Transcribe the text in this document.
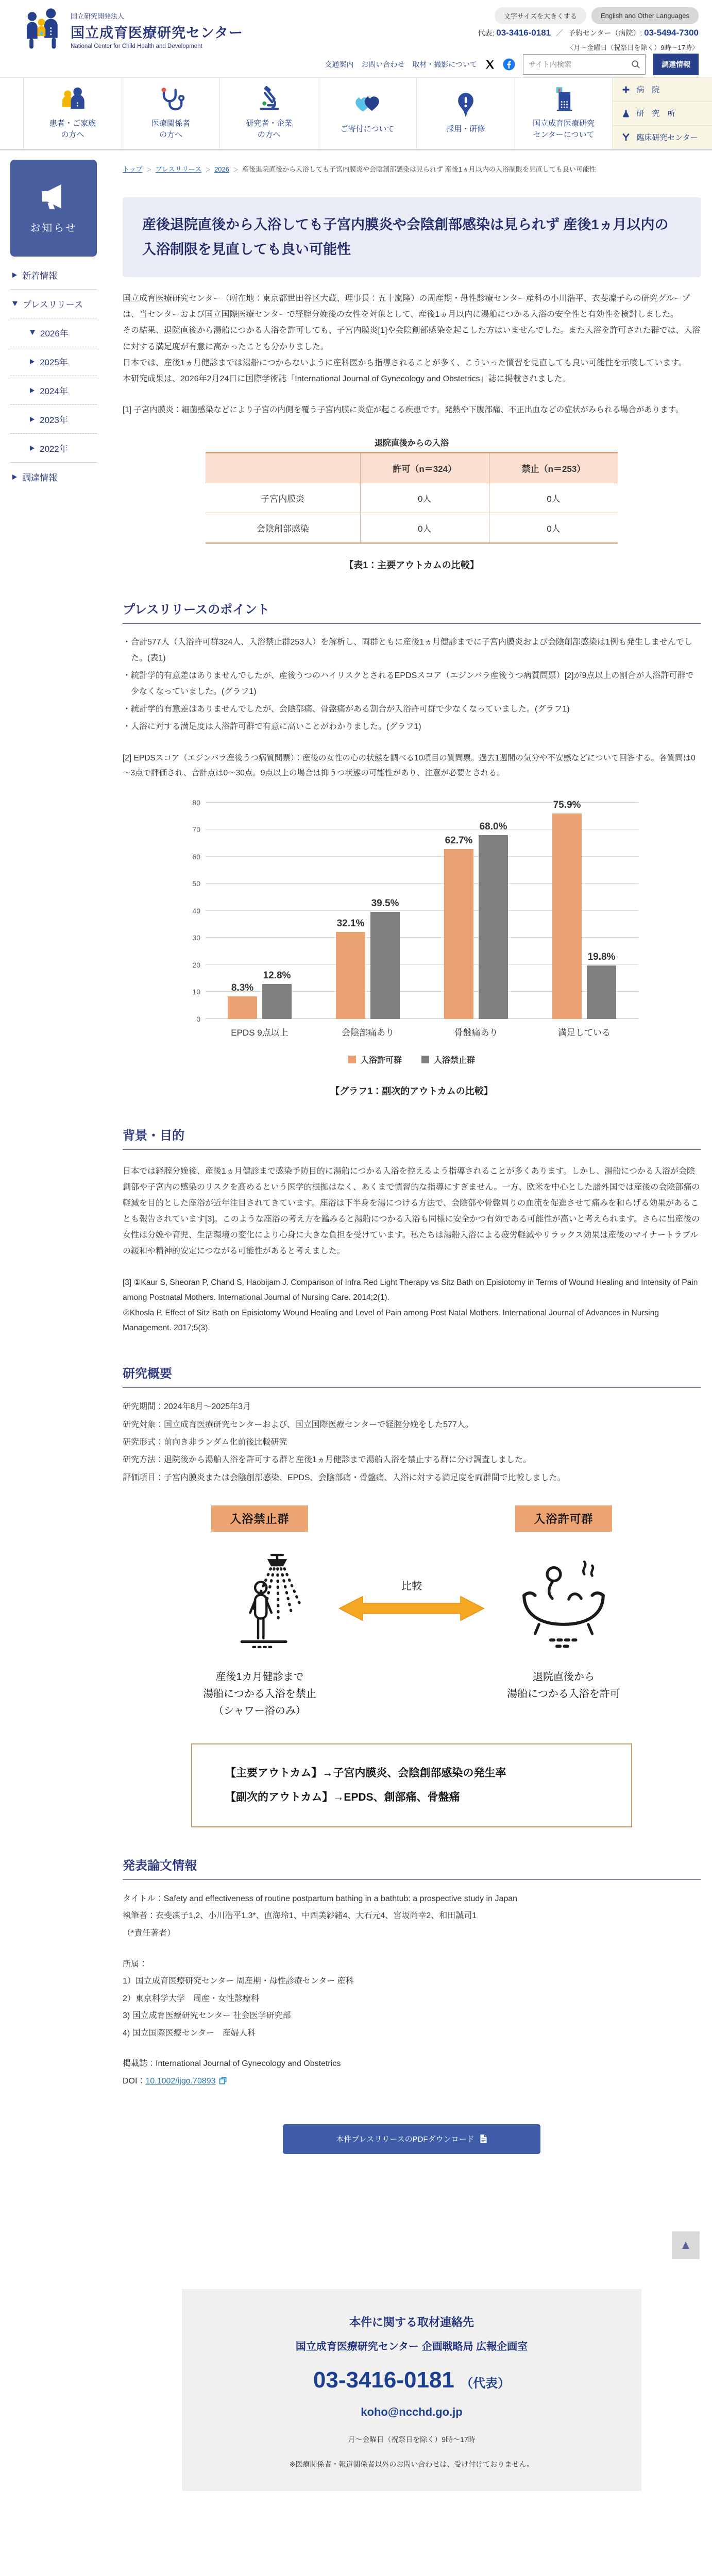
国立研究開発法人
国立成育医療研究センター
National Center for Child Health and Development
文字サイズを大きくする	English and Other Languages
代表: 03-3416-0181 ／ 予約センター（病院）: 03-5494-7300
〈月～金曜日（祝祭日を除く）9時～17時〉
交通案内 お問い合わせ 取材・撮影について
サイト内検索	調達情報
患者・ご家族
の方へ
医療関係者
の方へ
研究者・企業
の方へ
ご寄付について	採用・研修
国立成育医療研究
センターについて
病　院
研　究　所
臨床研究センター
お知らせ
新着情報
プレスリリース
2026年
2025年
2024年
2023年
2022年
調達情報
トップ ＞ プレスリリース ＞ 2026 ＞ 産後退院直後から入浴しても子宮内膜炎や会陰創部感染は見られず 産後1ヵ月以内の入浴制限を見直しても良い可能性
産後退院直後から入浴しても子宮内膜炎や会陰創部感染は見られず 産後1ヵ月以内の入浴制限を見直しても良い可能性

国立成育医療研究センター（所在地：東京都世田谷区大蔵、理事長：五十嵐隆）の周産期・母性診療センター産科の小川浩平、衣斐凜子らの研究グループは、当センターおよび国立国際医療センターで経腟分娩後の女性を対象として、産後1ヵ月以内に湯船につかる入浴の安全性と有効性を検討しました。

その結果、退院直後から湯船につかる入浴を許可しても、子宮内膜炎[1]や会陰創部感染を起こした方はいませんでした。また入浴を許可された群では、入浴に対する満足度が有意に高かったことも分かりました。

日本では、産後1ヵ月健診までは湯船につからないように産科医から指導されることが多く、こういった慣習を見直しても良い可能性を示唆しています。

本研究成果は、2026年2月24日に国際学術誌「International Journal of Gynecology and Obstetrics」誌に掲載されました。

[1] 子宮内膜炎：細菌感染などにより子宮の内側を覆う子宮内膜に炎症が起こる疾患です。発熱や下腹部痛、不正出血などの症状がみられる場合があります。
退院直後からの入浴
	許可（n＝324）	禁止（n＝253）
子宮内膜炎	0人	0人
会陰創部感染	0人	0人
【表1：主要アウトカムの比較】
プレスリリースのポイント
・合計577人（入浴許可群324人、入浴禁止群253人）を解析し、両群ともに産後1ヵ月健診までに子宮内膜炎および会陰創部感染は1例も発生しませんでした。(表1)
・統計学的有意差はありませんでしたが、産後うつのハイリスクとされるEPDSスコア（エジンバラ産後うつ病質問票）[2]が9点以上の割合が入浴許可群で少なくなっていました。(グラフ1)
・統計学的有意差はありませんでしたが、会陰部痛、骨盤痛がある割合が入浴許可群で少なくなっていました。(グラフ1)
・入浴に対する満足度は入浴許可群で有意に高いことがわかりました。(グラフ1)
[2] EPDSスコア（エジンバラ産後うつ病質問票）：産後の女性の心の状態を調べる10項目の質問票。過去1週間の気分や不安感などについて回答する。各質問は0～3点で評価され、合計点は0～30点。9点以上の場合は抑うつ状態の可能性があり、注意が必要とされる。
0
10
20
30
40
50
60
70
80
8.3%
12.8%
32.1%
39.5%
62.7%
68.0%
75.9%
19.8%
EPDS 9点以上	会陰部痛あり	骨盤痛あり	満足している
入浴許可群	入浴禁止群
【グラフ1：副次的アウトカムの比較】
背景・目的
日本では経腟分娩後、産後1ヵ月健診まで感染予防目的に湯船につかる入浴を控えるよう指導されることが多くあります。しかし、湯船につかる入浴が会陰創部や子宮内の感染のリスクを高めるという医学的根拠はなく、あくまで慣習的な指導にすぎません。一方、欧米を中心とした諸外国では産後の会陰部痛の軽減を目的とした座浴が近年注目されてきています。座浴は下半身を湯につける方法で、会陰部や骨盤周りの血流を促進させて痛みを和らげる効果があることも報告されています[3]。このような座浴の考え方を鑑みると湯船につかる入浴も同様に安全かつ有効である可能性が高いと考えられます。さらに出産後の女性は分娩や育児、生活環境の変化により心身に大きな負担を受けています。私たちは湯船入浴による疲労軽減やリラックス効果は産後のマイナートラブルの緩和や精神的安定につながる可能性があると考えました。
[3] ①Kaur S, Sheoran P, Chand S, Haobijam J. Comparison of Infra Red Light Therapy vs Sitz Bath on Episiotomy in Terms of Wound Healing and Intensity of Pain among Postnatal Mothers. International Journal of Nursing Care. 2014;2(1).
②Khosla P. Effect of Sitz Bath on Episiotomy Wound Healing and Level of Pain among Post Natal Mothers. International Journal of Advances in Nursing Management. 2017;5(3).
研究概要
研究期間：2024年8月～2025年3月
研究対象：国立成育医療研究センターおよび、国立国際医療センターで経腟分娩をした577人。
研究形式：前向き非ランダム化前後比較研究
研究方法：退院後から湯船入浴を許可する群と産後1ヵ月健診まで湯船入浴を禁止する群に分け調査しました。
評価項目：子宮内膜炎または会陰創部感染、EPDS、会陰部痛・骨盤痛、入浴に対する満足度を両群間で比較しました。
入浴禁止群	入浴許可群
比較
産後1カ月健診まで
湯船につかる入浴を禁止
（シャワー浴のみ）
退院直後から
湯船につかる入浴を許可
【主要アウトカム】→子宮内膜炎、会陰創部感染の発生率
【副次的アウトカム】→EPDS、創部痛、骨盤痛
発表論文情報
タイトル：Safety and effectiveness of routine postpartum bathing in a bathtub: a prospective study in Japan
執筆者：衣斐凜子1,2、小川浩平1,3*、直海玲1、中西美紗緒4、大石元4、宮坂尚幸2、和田誠司1
（*責任著者）
所属：
1）国立成育医療研究センター 周産期・母性診療センター 産科
2）東京科学大学　周産・女性診療科
3) 国立成育医療研究センター 社会医学研究部
4) 国立国際医療センター　産婦人科
掲載誌：International Journal of Gynecology and Obstetrics
DOI：10.1002/ijgo.70893
本件プレスリリースのPDFダウンロード
▲
本件に関する取材連絡先
国立成育医療研究センター 企画戦略局 広報企画室
03-3416-0181 （代表）
koho@ncchd.go.jp
月～金曜日（祝祭日を除く）9時～17時
※医療関係者・報道関係者以外のお問い合わせは、受け付けておりません。
